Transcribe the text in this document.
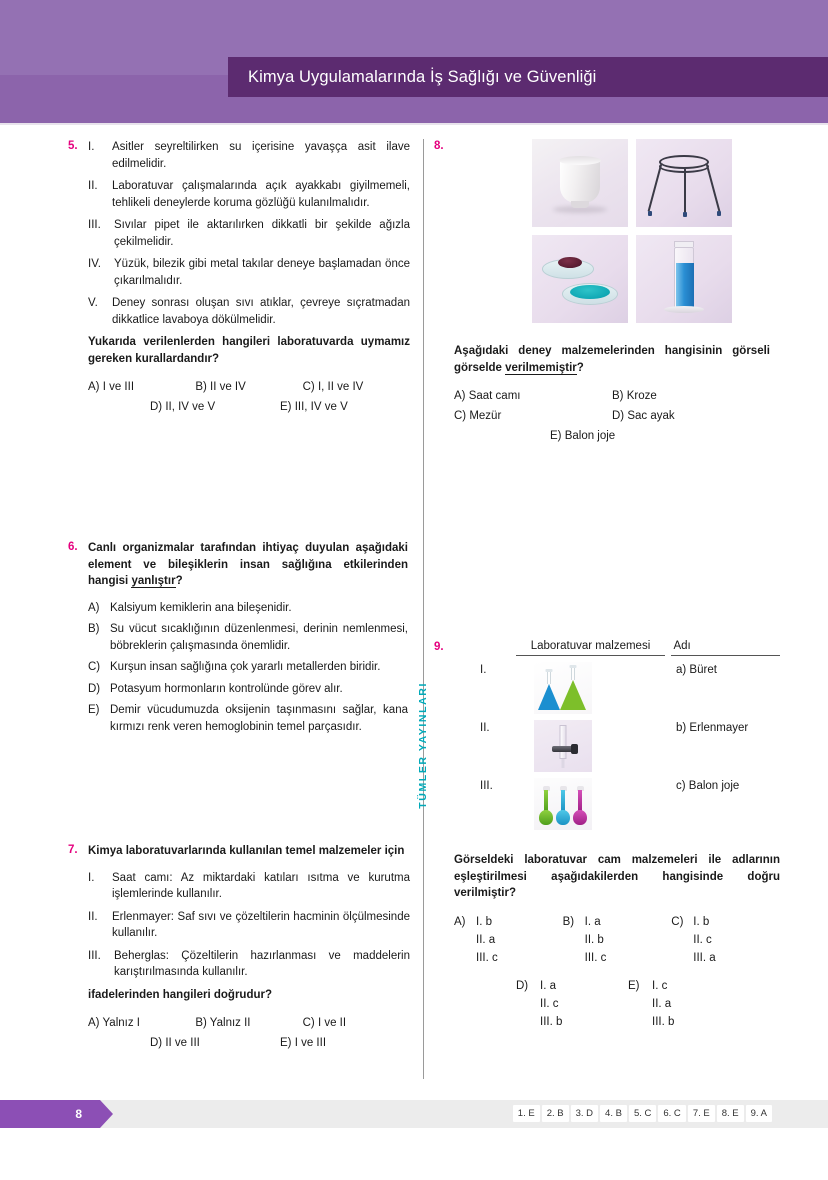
Kimya Uygulamalarında İş Sağlığı ve Güvenliği
TÜMLER YAYINLARI
5. I.	Asitler seyreltilirken su içerisine yavaşça asit ilave edilmelidir.
II.	Laboratuvar çalışmalarında açık ayakkabı giyilmemeli, tehlikeli deneylerde koruma gözlüğü kulanılmalıdır.
III.	Sıvılar pipet ile aktarılırken dikkatli bir şekilde ağızla çekilmelidir.
IV.	Yüzük, bilezik gibi metal takılar deneye başlamadan önce çıkarılmalıdır.
V.	Deney sonrası oluşan sıvı atıklar, çevreye sıçratmadan dikkatlice lavaboya dökülmelidir.
Yukarıda verilenlerden hangileri laboratuvarda uymamız gereken kurallardandır?
A) I ve III	B) II ve IV	C) I, II ve IV
D) II, IV ve V	E) III, IV ve V
6. Canlı organizmalar tarafından ihtiyaç duyulan aşağıdaki element ve bileşiklerin insan sağlığına etkilerinden hangisi yanlıştır?
A) Kalsiyum kemiklerin ana bileşenidir.
B) Su vücut sıcaklığının düzenlenmesi, derinin nemlenmesi, böbreklerin çalışmasında önemlidir.
C) Kurşun insan sağlığına çok yararlı metallerden biridir.
D) Potasyum hormonların kontrolünde görev alır.
E) Demir vücudumuzda oksijenin taşınmasını sağlar, kana kırmızı renk veren hemoglobinin temel parçasıdır.
7. Kimya laboratuvarlarında kullanılan temel malzemeler için
I.	Saat camı: Az miktardaki katıları ısıtma ve kurutma işlemlerinde kullanılır.
II.	Erlenmayer: Saf sıvı ve çözeltilerin hacminin ölçülmesinde kullanılır.
III.	Beherglas: Çözeltilerin hazırlanması ve maddelerin karıştırılmasında kullanılır.
ifadelerinden hangileri doğrudur?
A) Yalnız I	B) Yalnız II	C) I ve II
D) II ve III	E) I ve III
8.
Aşağıdaki deney malzemelerinden hangisinin görseli görselde verilmemiştir?
A) Saat camı	B) Kroze
C) Mezür	D) Sac ayak
E) Balon joje
9.	Laboratuvar malzemesi	Adı
I.	a) Büret
II.	b) Erlenmayer
III.	c) Balon joje
Görseldeki laboratuvar cam malzemeleri ile adlarının eşleştirilmesi aşağıdakilerden hangisinde doğru verilmiştir?
A) I. b
II. a
III. c
B) I. a
II. b
III. c
C) I. b
II. c
III. a
D)	I. a
II. c
III. b
E)	I. c
II. a
III. b
8	1. E	2. B	3. D	4. B	5. C	6. C	7. E	8. E	9. A
